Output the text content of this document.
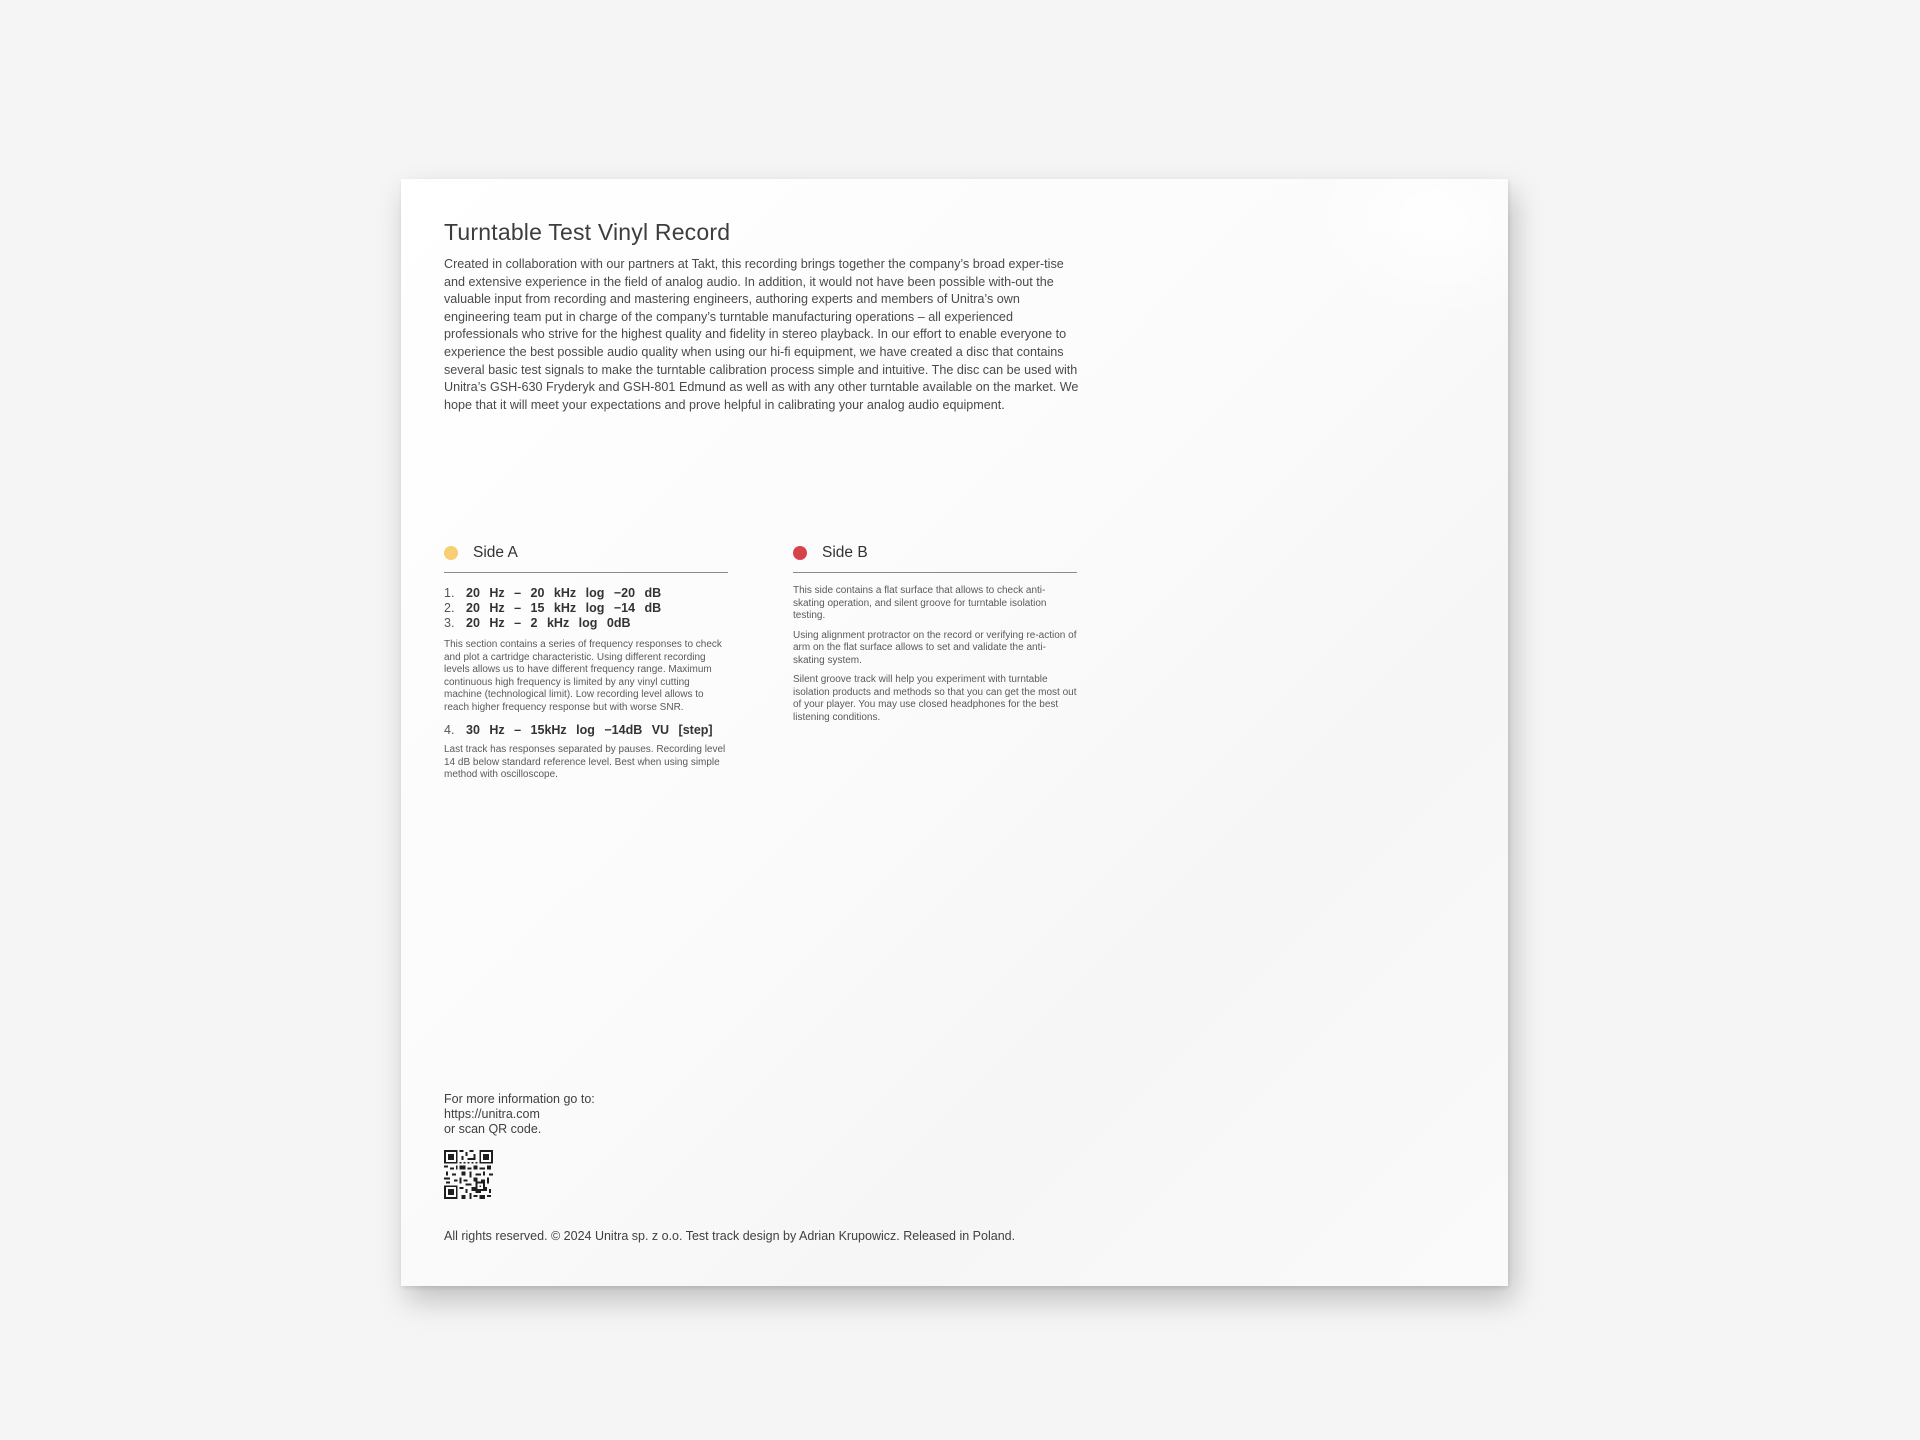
Turntable Test Vinyl Record

Created in collaboration with our partners at Takt, this recording brings together the company’s broad exper-tise and extensive experience in the field of analog audio. In addition, it would not have been possible with-out the valuable input from recording and mastering engineers, authoring experts and members of Unitra’s own engineering team put in charge of the company’s turntable manufacturing operations – all experienced professionals who strive for the highest quality and fidelity in stereo playback. In our effort to enable everyone to experience the best possible audio quality when using our hi-fi equipment, we have created a disc that contains several basic test signals to make the turntable calibration process simple and intuitive. The disc can be used with Unitra’s GSH-630 Fryderyk and GSH-801 Edmund as well as with any other turntable available on the market. We hope that it will meet your expectations and prove helpful in calibrating your analog audio equipment.

Side A
1. 20 Hz – 20 kHz log −20 dB
2. 20 Hz – 15 kHz log −14 dB
3. 20 Hz – 2 kHz log 0dB

This section contains a series of frequency responses to check and plot a cartridge characteristic. Using different recording levels allows us to have different frequency range. Maximum continuous high frequency is limited by any vinyl cutting machine (technological limit). Low recording level allows to reach higher frequency response but with worse SNR.

4. 30 Hz – 15kHz log −14dB VU [step]

Last track has responses separated by pauses. Recording level 14 dB below standard reference level. Best when using simple method with oscilloscope.

Side B

This side contains a flat surface that allows to check anti-skating operation, and silent groove for turntable isolation testing.

Using alignment protractor on the record or verifying re-action of arm on the flat surface allows to set and validate the anti-skating system.

Silent groove track will help you experiment with turntable isolation products and methods so that you can get the most out of your player. You may use closed headphones for the best listening conditions.

For more information go to:
https://unitra.com
or scan QR code.
All rights reserved. © 2024 Unitra sp. z o.o. Test track design by Adrian Krupowicz. Released in Poland.
